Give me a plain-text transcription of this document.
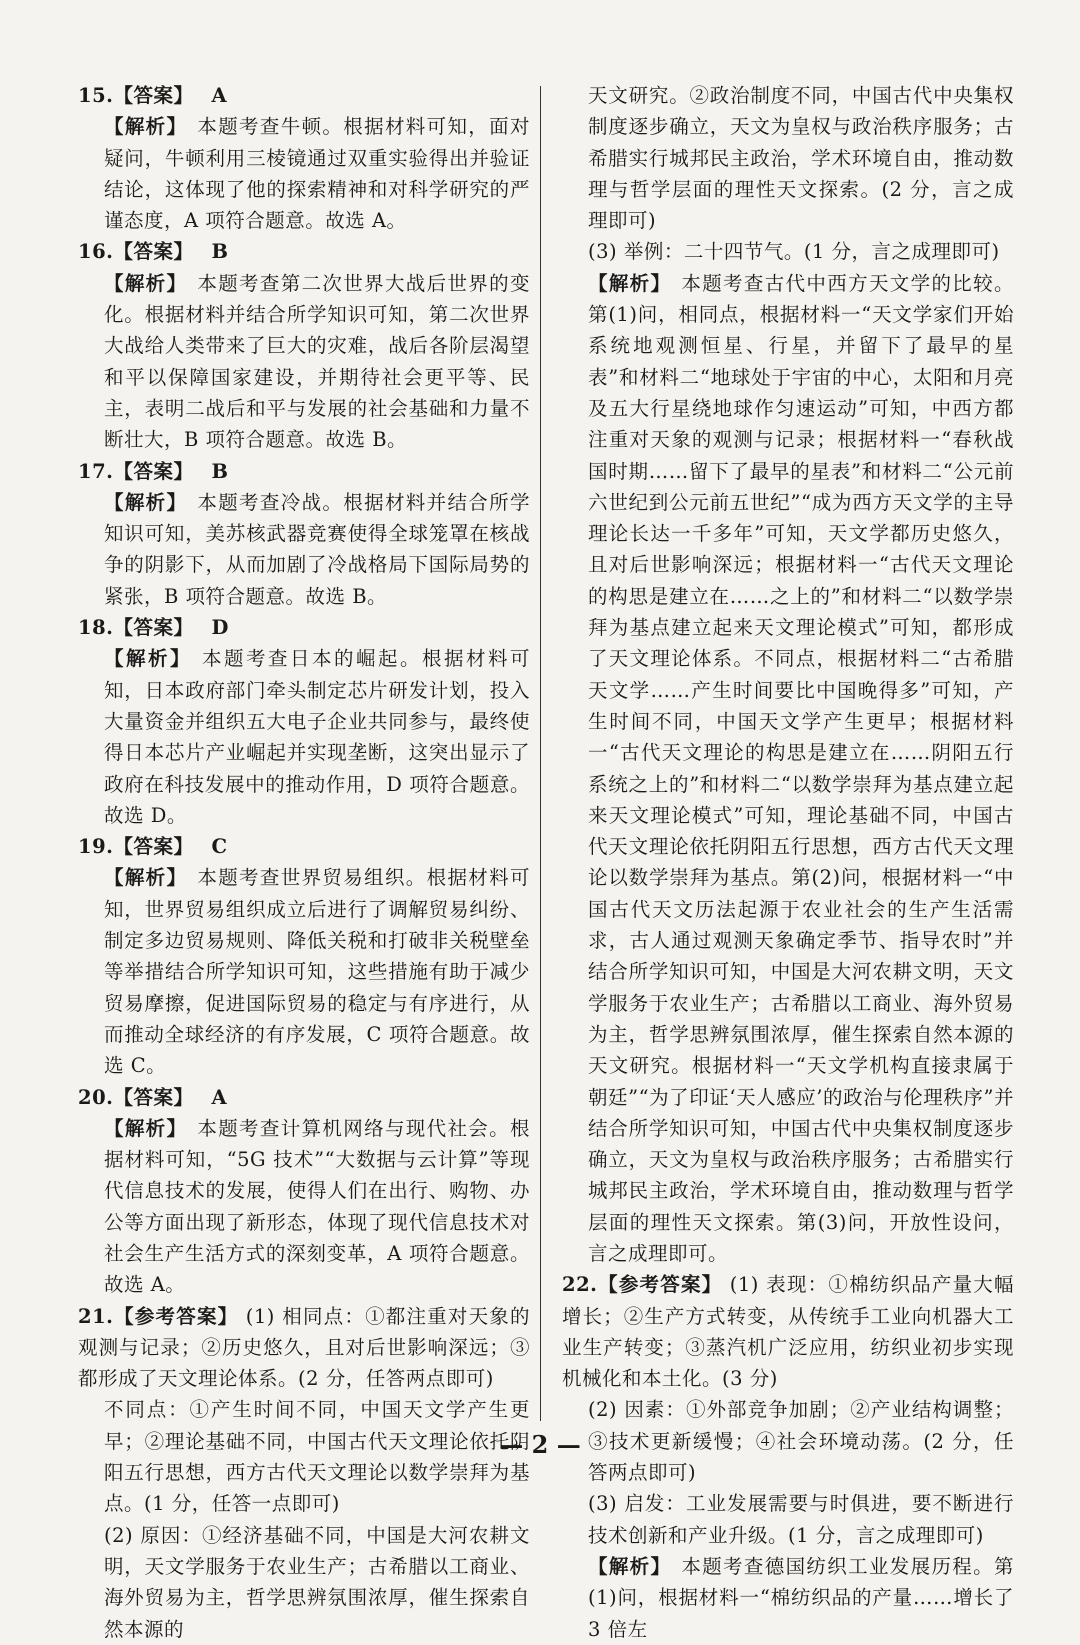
15.【答案】 A

【解析】 本题考查牛顿。根据材料可知，面对疑问，牛顿利用三棱镜通过双重实验得出并验证结论，这体现了他的探索精神和对科学研究的严谨态度，A 项符合题意。故选 A。

16.【答案】 B

【解析】 本题考查第二次世界大战后世界的变化。根据材料并结合所学知识可知，第二次世界大战给人类带来了巨大的灾难，战后各阶层渴望和平以保障国家建设，并期待社会更平等、民主，表明二战后和平与发展的社会基础和力量不断壮大，B 项符合题意。故选 B。

17.【答案】 B

【解析】 本题考查冷战。根据材料并结合所学知识可知，美苏核武器竞赛使得全球笼罩在核战争的阴影下，从而加剧了冷战格局下国际局势的紧张，B 项符合题意。故选 B。

18.【答案】 D

【解析】 本题考查日本的崛起。根据材料可知，日本政府部门牵头制定芯片研发计划，投入大量资金并组织五大电子企业共同参与，最终使得日本芯片产业崛起并实现垄断，这突出显示了政府在科技发展中的推动作用，D 项符合题意。故选 D。

19.【答案】 C

【解析】 本题考查世界贸易组织。根据材料可知，世界贸易组织成立后进行了调解贸易纠纷、制定多边贸易规则、降低关税和打破非关税壁垒等举措结合所学知识可知，这些措施有助于减少贸易摩擦，促进国际贸易的稳定与有序进行，从而推动全球经济的有序发展，C 项符合题意。故选 C。

20.【答案】 A

【解析】 本题考查计算机网络与现代社会。根据材料可知，“5G 技术”“大数据与云计算”等现代信息技术的发展，使得人们在出行、购物、办公等方面出现了新形态，体现了现代信息技术对社会生产生活方式的深刻变革，A 项符合题意。故选 A。

21.【参考答案】 (1) 相同点：①都注重对天象的观测与记录；②历史悠久，且对后世影响深远；③都形成了天文理论体系。(2 分，任答两点即可)

不同点：①产生时间不同，中国天文学产生更早；②理论基础不同，中国古代天文理论依托阴阳五行思想，西方古代天文理论以数学崇拜为基点。(1 分，任答一点即可)

(2) 原因：①经济基础不同，中国是大河农耕文明，天文学服务于农业生产；古希腊以工商业、海外贸易为主，哲学思辨氛围浓厚，催生探索自然本源的

天文研究。②政治制度不同，中国古代中央集权制度逐步确立，天文为皇权与政治秩序服务；古希腊实行城邦民主政治，学术环境自由，推动数理与哲学层面的理性天文探索。(2 分，言之成理即可)

(3) 举例：二十四节气。(1 分，言之成理即可)

【解析】 本题考查古代中西方天文学的比较。第(1)问，相同点，根据材料一“天文学家们开始系统地观测恒星、行星，并留下了最早的星表”和材料二“地球处于宇宙的中心，太阳和月亮及五大行星绕地球作匀速运动”可知，中西方都注重对天象的观测与记录；根据材料一“春秋战国时期……留下了最早的星表”和材料二“公元前六世纪到公元前五世纪”“成为西方天文学的主导理论长达一千多年”可知，天文学都历史悠久，且对后世影响深远；根据材料一“古代天文理论的构思是建立在……之上的”和材料二“以数学崇拜为基点建立起来天文理论模式”可知，都形成了天文理论体系。不同点，根据材料二“古希腊天文学……产生时间要比中国晚得多”可知，产生时间不同，中国天文学产生更早；根据材料一“古代天文理论的构思是建立在……阴阳五行系统之上的”和材料二“以数学崇拜为基点建立起来天文理论模式”可知，理论基础不同，中国古代天文理论依托阴阳五行思想，西方古代天文理论以数学崇拜为基点。第(2)问，根据材料一“中国古代天文历法起源于农业社会的生产生活需求，古人通过观测天象确定季节、指导农时”并结合所学知识可知，中国是大河农耕文明，天文学服务于农业生产；古希腊以工商业、海外贸易为主，哲学思辨氛围浓厚，催生探索自然本源的天文研究。根据材料一“天文学机构直接隶属于朝廷”“为了印证‘天人感应’的政治与伦理秩序”并结合所学知识可知，中国古代中央集权制度逐步确立，天文为皇权与政治秩序服务；古希腊实行城邦民主政治，学术环境自由，推动数理与哲学层面的理性天文探索。第(3)问，开放性设问，言之成理即可。

22.【参考答案】 (1) 表现：①棉纺织品产量大幅增长；②生产方式转变，从传统手工业向机器大工业生产转变；③蒸汽机广泛应用，纺织业初步实现机械化和本土化。(3 分)

(2) 因素：①外部竞争加剧；②产业结构调整；③技术更新缓慢；④社会环境动荡。(2 分，任答两点即可)

(3) 启发：工业发展需要与时俱进，要不断进行技术创新和产业升级。(1 分，言之成理即可)

【解析】 本题考查德国纺织工业发展历程。第(1)问，根据材料一“棉纺织品的产量……增长了 3 倍左

— 2 —
